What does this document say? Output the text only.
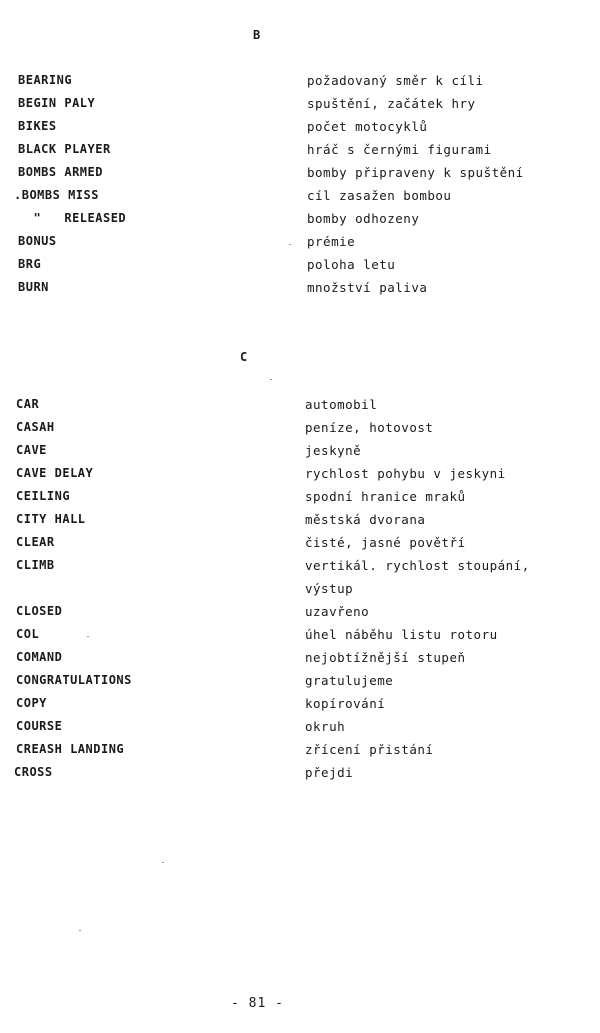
B
BEARING	požadovaný směr k cíli
BEGIN PALY	spuštění, začátek hry
BIKES	počet motocyklů
BLACK PLAYER	hráč s černými figurami
BOMBS ARMED	bomby připraveny k spuštění
.BOMBS MISS	cíl zasažen bombou
"   RELEASED	bomby odhozeny
BONUS	prémie
BRG	poloha letu
BURN	množství paliva
C
CAR	automobil
CASAH	peníze, hotovost
CAVE	jeskyně
CAVE DELAY	rychlost pohybu v jeskyni
CEILING	spodní hranice mraků
CITY HALL	městská dvorana
CLEAR	čisté, jasné povětří
CLIMB	vertikál. rychlost stoupání,
výstup
CLOSED	uzavřeno
COL	úhel náběhu listu rotoru
COMAND	nejobtížnější stupeň
CONGRATULATIONS	gratulujeme
COPY	kopírování
COURSE	okruh
CREASH LANDING	zřícení přistání
CROSS	přejdi
- 81 -
